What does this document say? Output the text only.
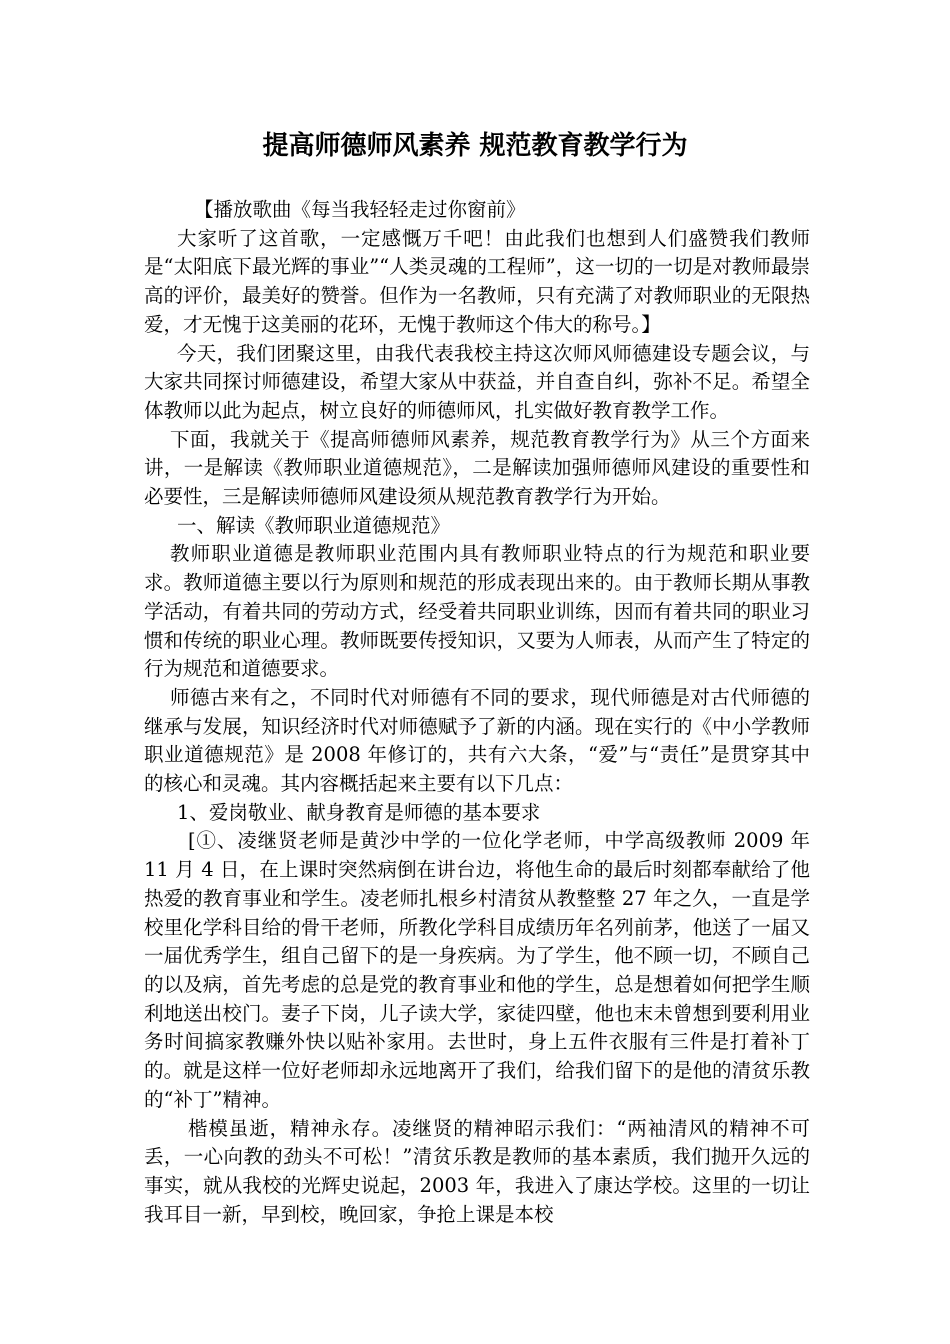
提高师德师风素养 规范教育教学行为

【播放歌曲《每当我轻轻走过你窗前》

大家听了这首歌，一定感慨万千吧！由此我们也想到人们盛赞我们教师是“太阳底下最光辉的事业”“人类灵魂的工程师”，这一切的一切是对教师最崇高的评价，最美好的赞誉。但作为一名教师，只有充满了对教师职业的无限热爱，才无愧于这美丽的花环，无愧于教师这个伟大的称号。】

今天，我们团聚这里，由我代表我校主持这次师风师德建设专题会议，与大家共同探讨师德建设，希望大家从中获益，并自查自纠，弥补不足。希望全体教师以此为起点，树立良好的师德师风，扎实做好教育教学工作。

下面，我就关于《提高师德师风素养，规范教育教学行为》从三个方面来讲，一是解读《教师职业道德规范》，二是解读加强师德师风建设的重要性和必要性，三是解读师德师风建设须从规范教育教学行为开始。

一、解读《教师职业道德规范》

教师职业道德是教师职业范围内具有教师职业特点的行为规范和职业要求。教师道德主要以行为原则和规范的形成表现出来的。由于教师长期从事教学活动，有着共同的劳动方式，经受着共同职业训练，因而有着共同的职业习惯和传统的职业心理。教师既要传授知识，又要为人师表，从而产生了特定的行为规范和道德要求。

师德古来有之，不同时代对师德有不同的要求，现代师德是对古代师德的继承与发展，知识经济时代对师德赋予了新的内涵。现在实行的《中小学教师职业道德规范》是 2008 年修订的，共有六大条，“爱”与“责任”是贯穿其中的核心和灵魂。其内容概括起来主要有以下几点：

1、爱岗敬业、献身教育是师德的基本要求

[①、凌继贤老师是黄沙中学的一位化学老师，中学高级教师 2009 年 11 月 4 日，在上课时突然病倒在讲台边，将他生命的最后时刻都奉献给了他热爱的教育事业和学生。凌老师扎根乡村清贫从教整整 27 年之久，一直是学校里化学科目给的骨干老师，所教化学科目成绩历年名列前茅，他送了一届又一届优秀学生，组自己留下的是一身疾病。为了学生，他不顾一切，不顾自己的以及病，首先考虑的总是党的教育事业和他的学生，总是想着如何把学生顺利地送出校门。妻子下岗，儿子读大学，家徒四壁，他也末未曾想到要利用业务时间搞家教赚外快以贴补家用。去世时，身上五件衣服有三件是打着补丁的。就是这样一位好老师却永远地离开了我们，给我们留下的是他的清贫乐教的“补丁”精神。

楷模虽逝，精神永存。凌继贤的精神昭示我们：“两袖清风的精神不可丢，一心向教的劲头不可松！”清贫乐教是教师的基本素质，我们抛开久远的事实，就从我校的光辉史说起，2003 年，我进入了康达学校。这里的一切让我耳目一新，早到校，晚回家，争抢上课是本校
